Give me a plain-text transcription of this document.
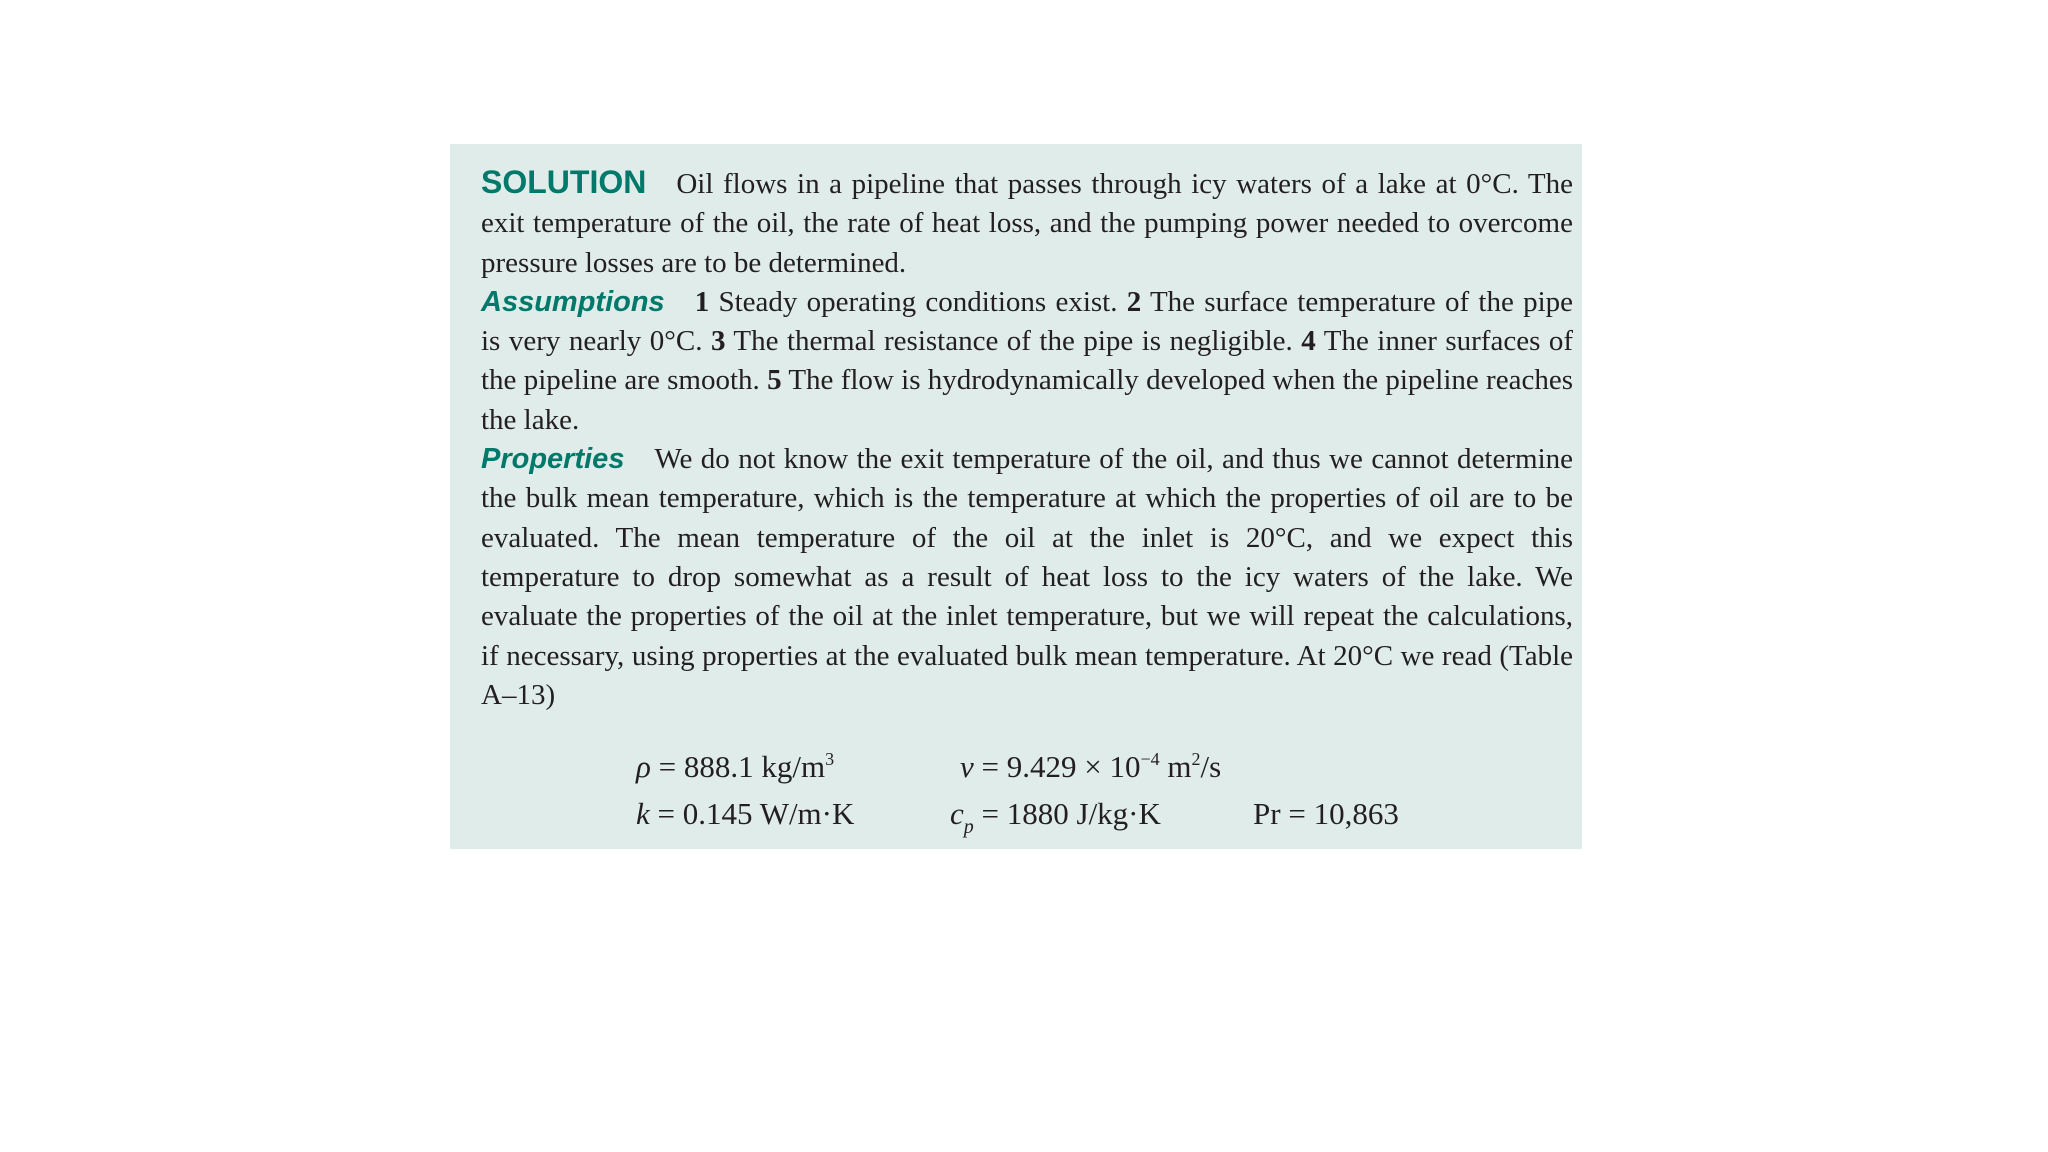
SOLUTION Oil flows in a pipeline that passes through icy waters of a lake at 0°C. The exit temperature of the oil, the rate of heat loss, and the pumping power needed to overcome pressure losses are to be determined.

Assumptions 1 Steady operating conditions exist. 2 The surface temperature of the pipe is very nearly 0°C. 3 The thermal resistance of the pipe is negligible. 4 The inner surfaces of the pipeline are smooth. 5 The flow is hydrodynamically developed when the pipeline reaches the lake.

Properties We do not know the exit temperature of the oil, and thus we cannot determine the bulk mean temperature, which is the temperature at which the properties of oil are to be evaluated. The mean temperature of the oil at the inlet is 20°C, and we expect this temperature to drop somewhat as a result of heat loss to the icy waters of the lake. We evaluate the properties of the oil at the inlet temperature, but we will repeat the calculations, if necessary, using properties at the evaluated bulk mean temperature. At 20°C we read (Table A–13)

ρ = 888.1 $kg/m^3$	$\nu = 9.429 \times 10^{-4}$ $m^2/s$
k = 0.145 W/m·K	$c_p = 1880$ J/kg·K	Pr = 10,863
